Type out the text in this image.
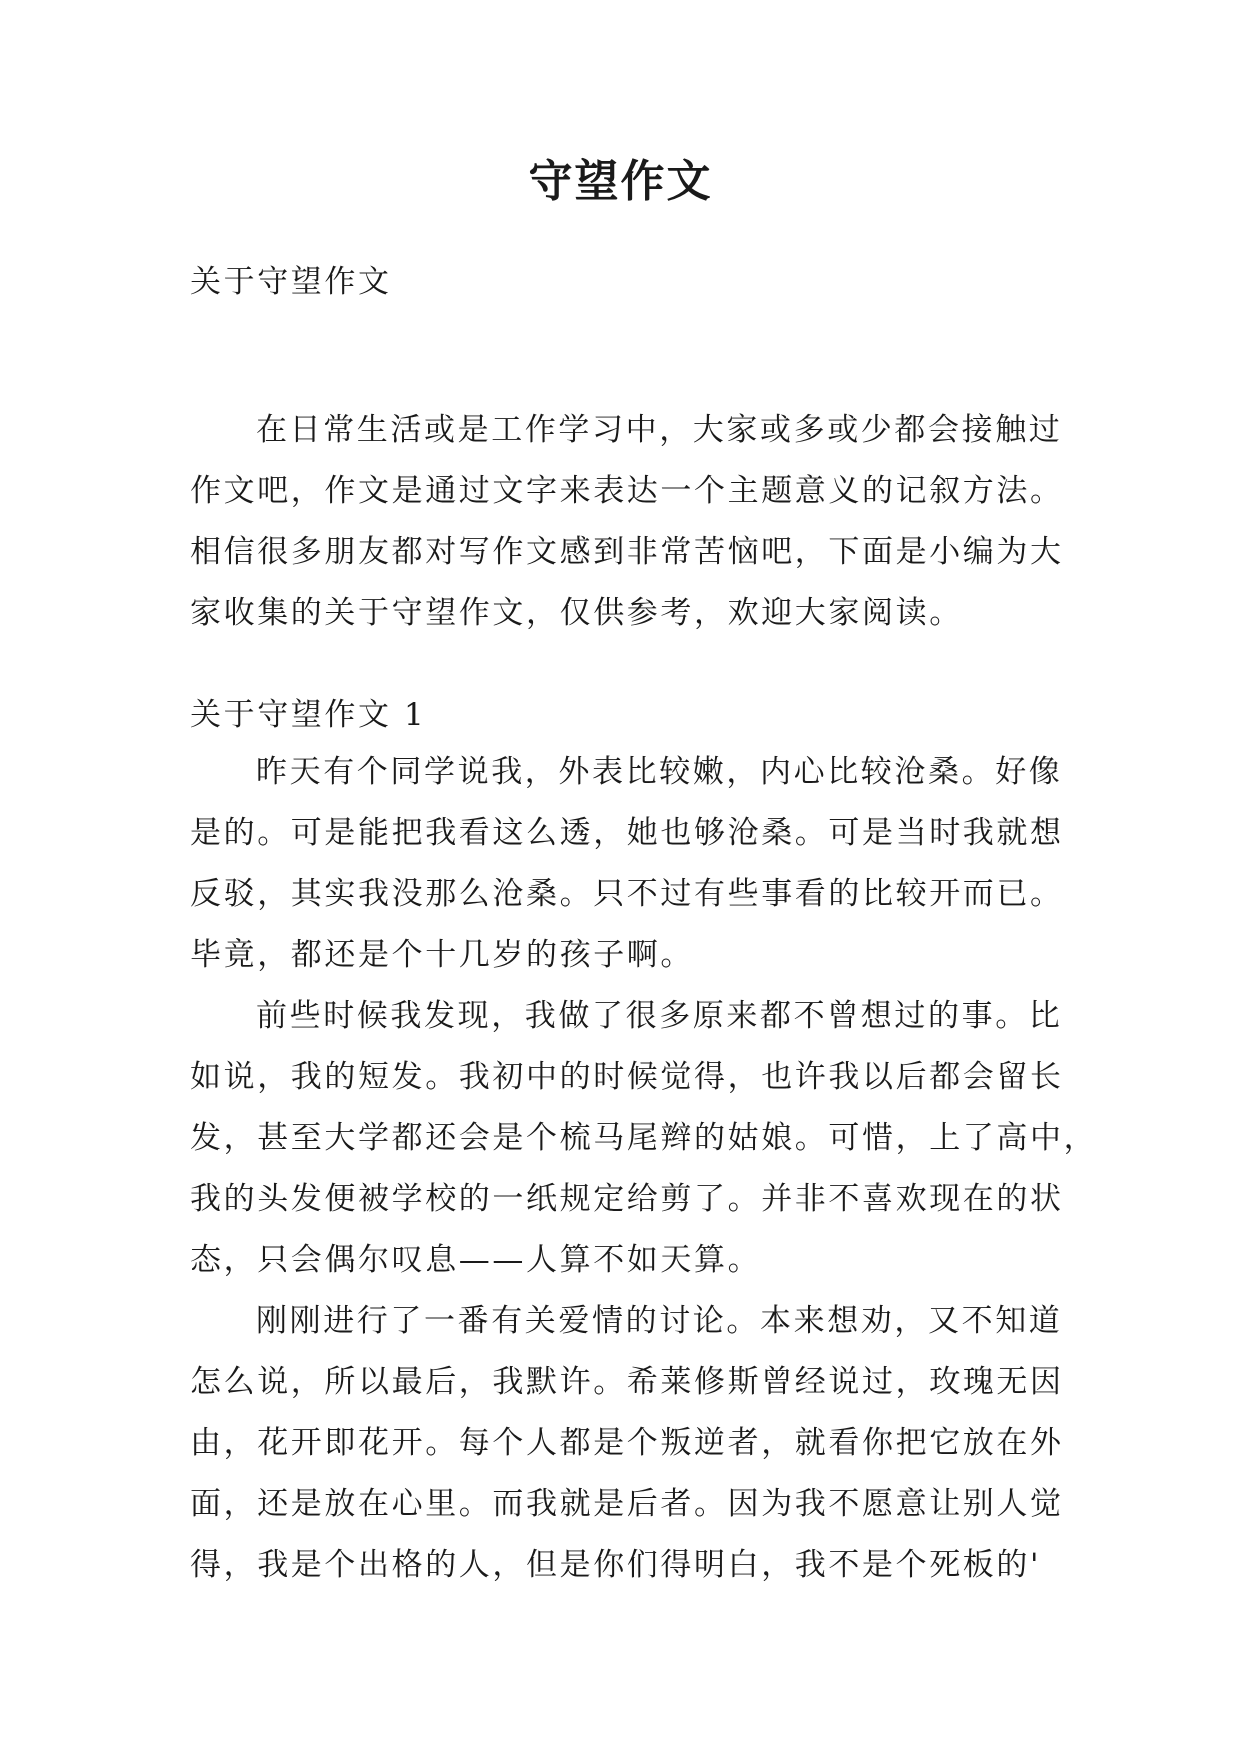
守望作文
关于守望作文
在日常生活或是工作学习中，大家或多或少都会接触过
作文吧，作文是通过文字来表达一个主题意义的记叙方法。
相信很多朋友都对写作文感到非常苦恼吧，下面是小编为大
家收集的关于守望作文，仅供参考，欢迎大家阅读。
关于守望作文 1
昨天有个同学说我，外表比较嫩，内心比较沧桑。好像
是的。可是能把我看这么透，她也够沧桑。可是当时我就想
反驳，其实我没那么沧桑。只不过有些事看的比较开而已。
毕竟，都还是个十几岁的孩子啊。
前些时候我发现，我做了很多原来都不曾想过的事。比
如说，我的短发。我初中的时候觉得，也许我以后都会留长
发，甚至大学都还会是个梳马尾辫的姑娘。可惜，上了高中，
我的头发便被学校的一纸规定给剪了。并非不喜欢现在的状
态，只会偶尔叹息——人算不如天算。
刚刚进行了一番有关爱情的讨论。本来想劝，又不知道
怎么说，所以最后，我默许。希莱修斯曾经说过，玫瑰无因
由，花开即花开。每个人都是个叛逆者，就看你把它放在外
面，还是放在心里。而我就是后者。因为我不愿意让别人觉
得，我是个出格的人，但是你们得明白，我不是个死板的'
